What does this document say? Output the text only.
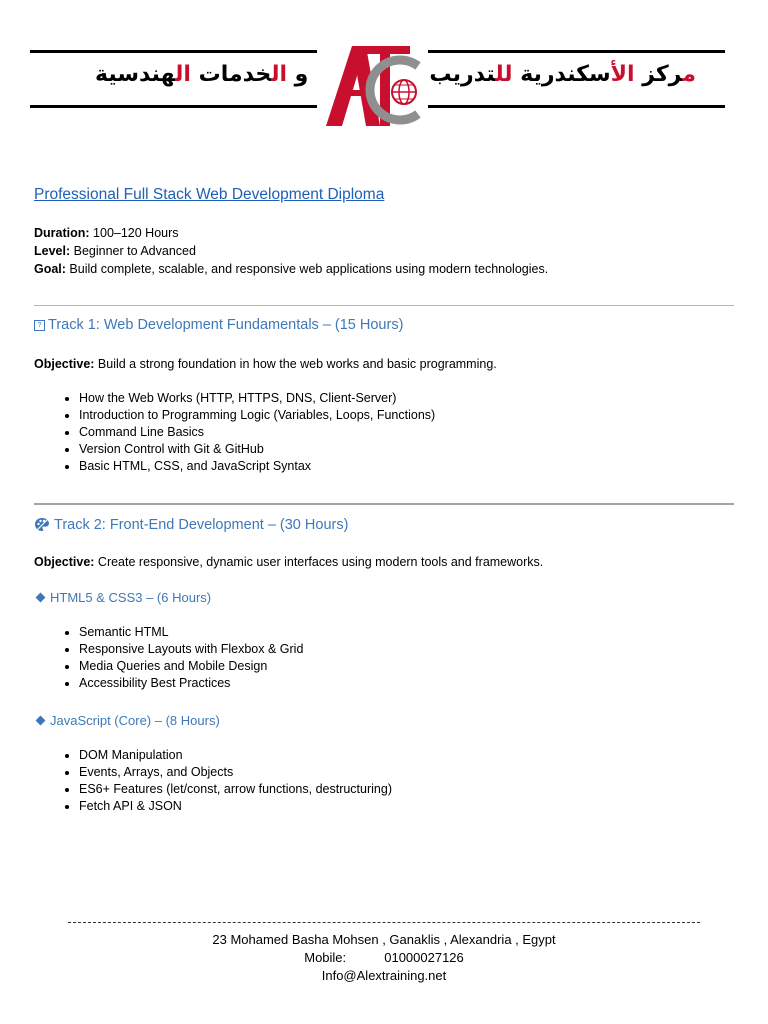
و الخدمات الهندسية	مركز الأسكندرية للتدريب
Professional Full Stack Web Development Diploma

Duration: 100–120 Hours

Level: Beginner to Advanced

Goal: Build complete, scalable, and responsive web applications using modern technologies.

? Track 1: Web Development Fundamentals – (15 Hours)

Objective: Build a strong foundation in how the web works and basic programming.

• How the Web Works (HTTP, HTTPS, DNS, Client-Server)
• Introduction to Programming Logic (Variables, Loops, Functions)
• Command Line Basics
• Version Control with Git & GitHub
• Basic HTML, CSS, and JavaScript Syntax
Track 2: Front-End Development – (30 Hours)

Objective: Create responsive, dynamic user interfaces using modern tools and frameworks.

HTML5 & CSS3 – (6 Hours)
• Semantic HTML
• Responsive Layouts with Flexbox & Grid
• Media Queries and Mobile Design
• Accessibility Best Practices
JavaScript (Core) – (8 Hours)
• DOM Manipulation
• Events, Arrays, and Objects
• ES6+ Features (let/const, arrow functions, destructuring)
• Fetch API & JSON

23 Mohamed Basha Mohsen , Ganaklis , Alexandria , Egypt

Mobile:	01000027126

Info@Alextraining.net
